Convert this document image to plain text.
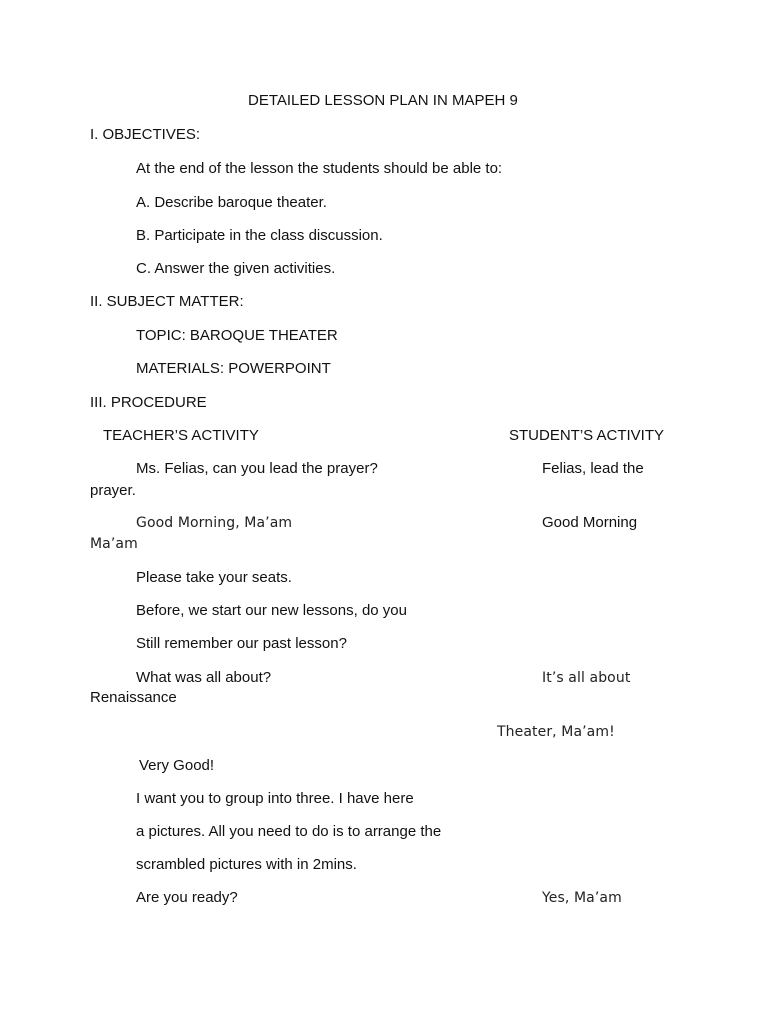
DETAILED LESSON PLAN IN MAPEH 9
I. OBJECTIVES:
At the end of the lesson the students should be able to:
A. Describe baroque theater.
B. Participate in the class discussion.
C. Answer the given activities.
II. SUBJECT MATTER:
TOPIC: BAROQUE THEATER
MATERIALS: POWERPOINT
III. PROCEDURE
TEACHER’S ACTIVITY	STUDENT’S ACTIVITY
Ms. Felias, can you lead the prayer?	Felias, lead the
prayer.
Good Morning, Ma’am	Good Morning
Ma’am
Please take your seats.
Before, we start our new lessons, do you
Still remember our past lesson?
What was all about?	It’s all about
Renaissance
Theater, Ma’am!
Very Good!
I want you to group into three. I have here
a pictures. All you need to do is to arrange the
scrambled pictures with in 2mins.
Are you ready?	Yes, Ma’am
